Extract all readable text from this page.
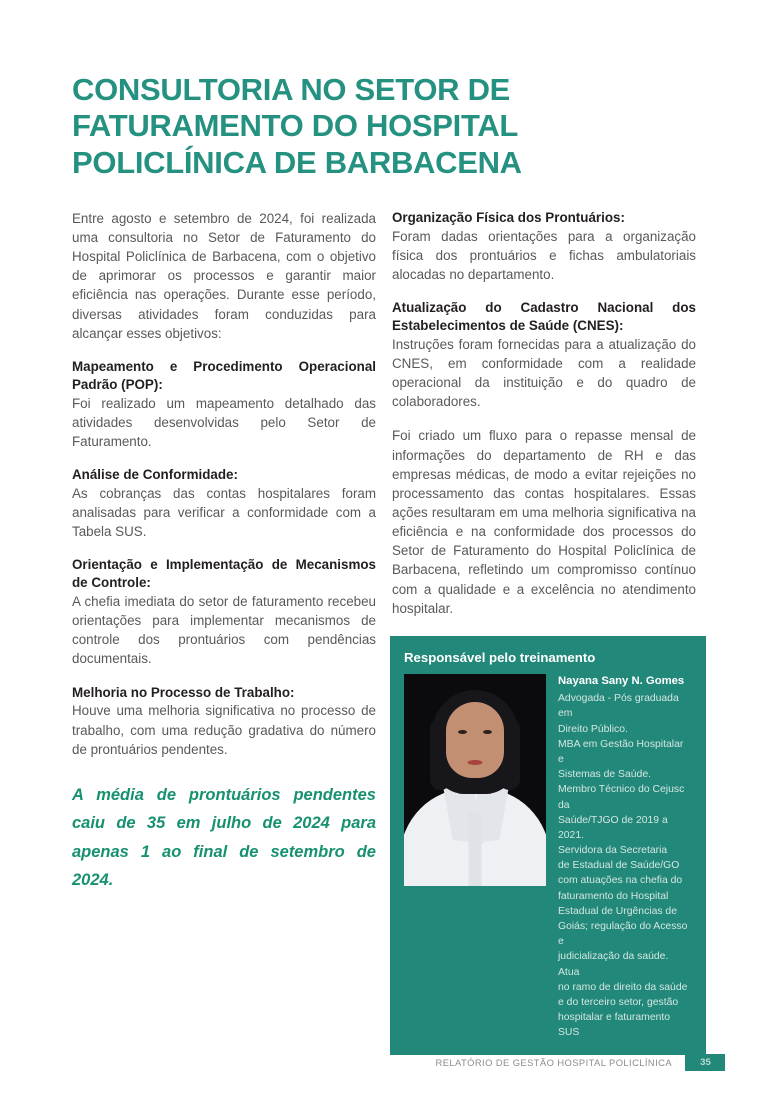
CONSULTORIA NO SETOR DE FATURAMENTO DO HOSPITAL POLICLÍNICA DE BARBACENA

Entre agosto e setembro de 2024, foi realizada uma consultoria no Setor de Faturamento do Hospital Policlínica de Barbacena, com o objetivo de aprimorar os processos e garantir maior eficiência nas operações. Durante esse período, diversas atividades foram conduzidas para alcançar esses objetivos:

Mapeamento e Procedimento Operacional Padrão (POP):

Foi realizado um mapeamento detalhado das atividades desenvolvidas pelo Setor de Faturamento.

Análise de Conformidade:

As cobranças das contas hospitalares foram analisadas para verificar a conformidade com a Tabela SUS.

Orientação e Implementação de Mecanismos de Controle:

A chefia imediata do setor de faturamento recebeu orientações para implementar mecanismos de controle dos prontuários com pendências documentais.

Melhoria no Processo de Trabalho:

Houve uma melhoria significativa no processo de trabalho, com uma redução gradativa do número de prontuários pendentes.

A média de prontuários pendentes caiu de 35 em julho de 2024 para apenas 1 ao final de setembro de 2024.

Organização Física dos Prontuários:

Foram dadas orientações para a organização física dos prontuários e fichas ambulatoriais alocadas no departamento.

Atualização do Cadastro Nacional dos Estabelecimentos de Saúde (CNES):

Instruções foram fornecidas para a atualização do CNES, em conformidade com a realidade operacional da instituição e do quadro de colaboradores.

Foi criado um fluxo para o repasse mensal de informações do departamento de RH e das empresas médicas, de modo a evitar rejeições no processamento das contas hospitalares. Essas ações resultaram em uma melhoria significativa na eficiência e na conformidade dos processos do Setor de Faturamento do Hospital Policlínica de Barbacena, refletindo um compromisso contínuo com a qualidade e a excelência no atendimento hospitalar.

Responsável pelo treinamento
Nayana Sany N. Gomes
Advogada - Pós graduada em
Direito Público.
MBA em Gestão Hospitalar e
Sistemas de Saúde.
Membro Técnico do Cejusc da
Saúde/TJGO de 2019 a 2021.
Servidora da Secretaria
de Estadual de Saúde/GO
com atuações na chefia do
faturamento do Hospital
Estadual de Urgências de
Goiás; regulação do Acesso e
judicialização da saúde. Atua
no ramo de direito da saúde
e do terceiro setor, gestão
hospitalar e faturamento SUS
RELATÓRIO DE GESTÃO HOSPITAL POLICLÍNICA	35
